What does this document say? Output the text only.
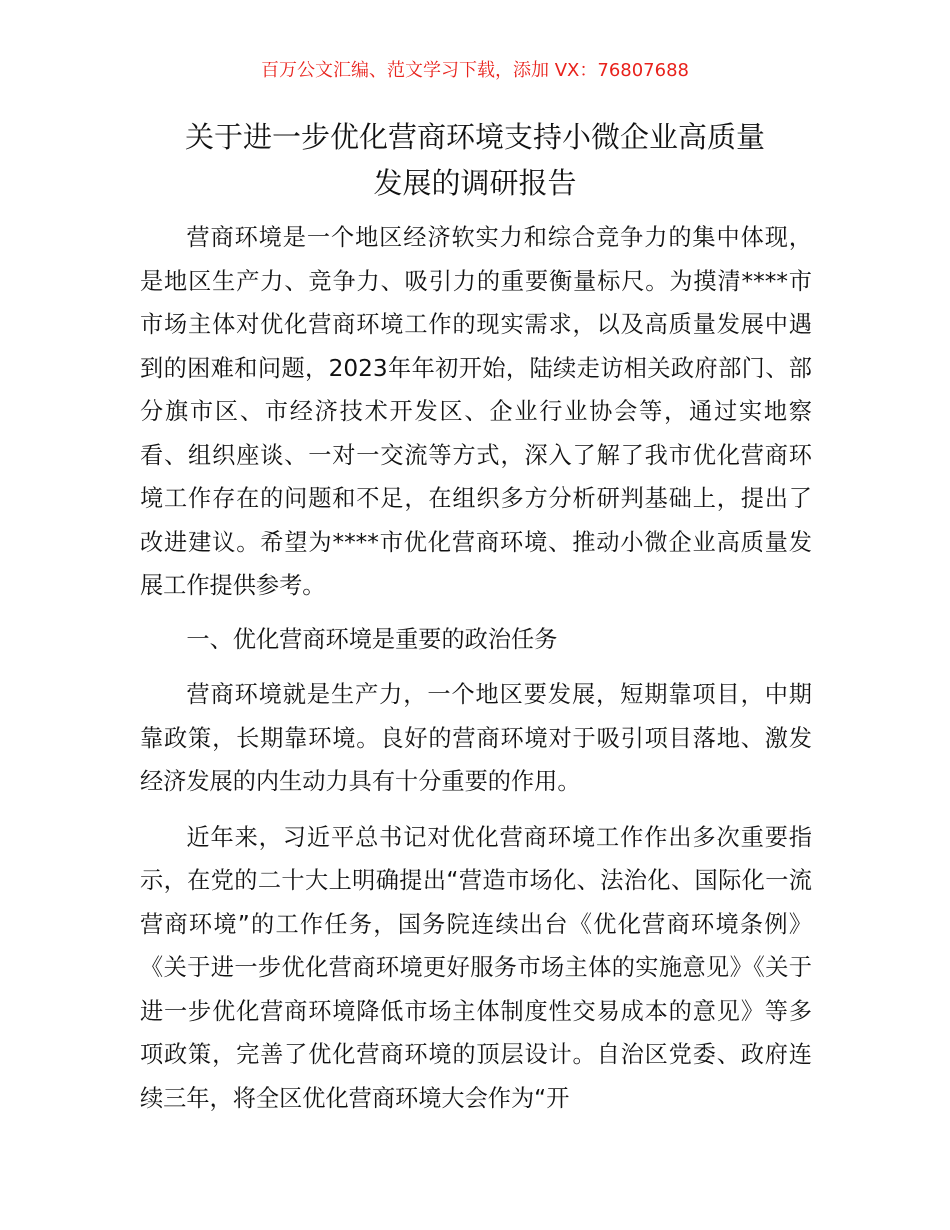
百万公文汇编、范文学习下载，添加 VX：76807688
关于进一步优化营商环境支持小微企业高质量
发展的调研报告

营商环境是一个地区经济软实力和综合竞争力的集中体现，是地区生产力、竞争力、吸引力的重要衡量标尺。为摸清****市市场主体对优化营商环境工作的现实需求，以及高质量发展中遇到的困难和问题，2023年年初开始，陆续走访相关政府部门、部分旗市区、市经济技术开发区、企业行业协会等，通过实地察看、组织座谈、一对一交流等方式，深入了解了我市优化营商环境工作存在的问题和不足，在组织多方分析研判基础上，提出了改进建议。希望为****市优化营商环境、推动小微企业高质量发展工作提供参考。

一、优化营商环境是重要的政治任务

营商环境就是生产力，一个地区要发展，短期靠项目，中期靠政策，长期靠环境。良好的营商环境对于吸引项目落地、激发经济发展的内生动力具有十分重要的作用。

近年来，习近平总书记对优化营商环境工作作出多次重要指示，在党的二十大上明确提出“营造市场化、法治化、国际化一流营商环境”的工作任务，国务院连续出台《优化营商环境条例》《关于进一步优化营商环境更好服务市场主体的实施意见》《关于进一步优化营商环境降低市场主体制度性交易成本的意见》等多项政策，完善了优化营商环境的顶层设计。自治区党委、政府连续三年，将全区优化营商环境大会作为“开
